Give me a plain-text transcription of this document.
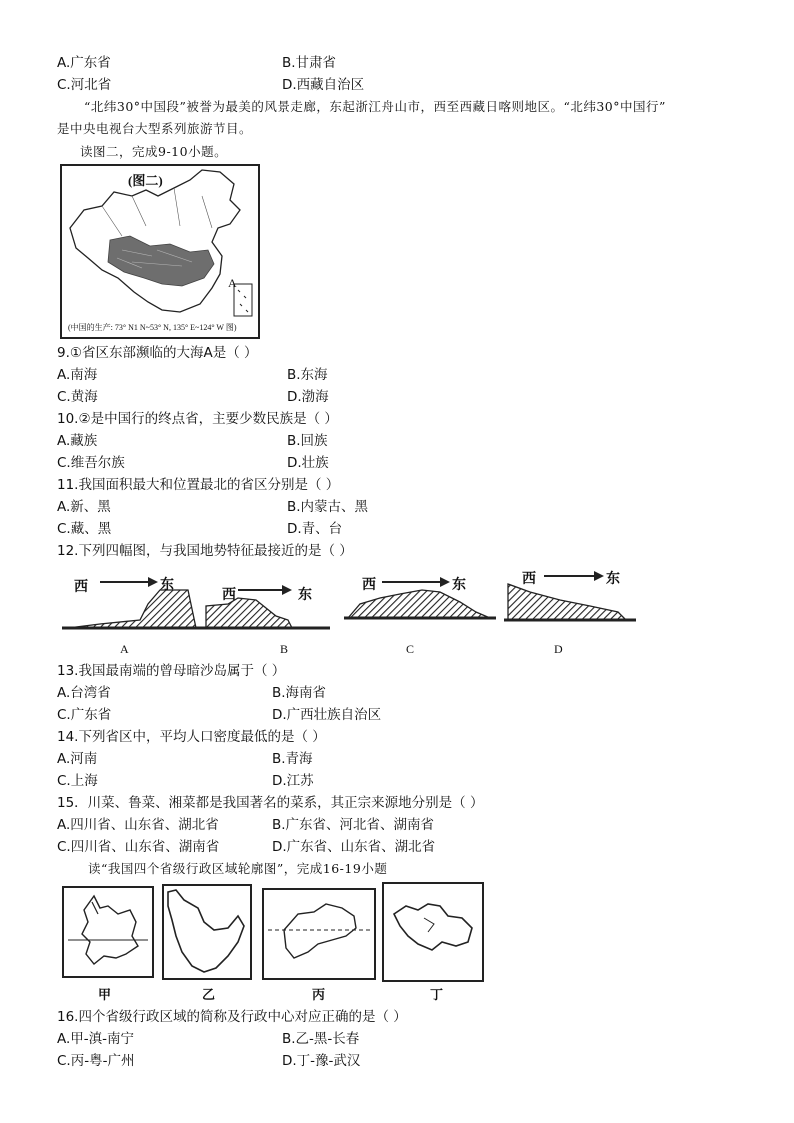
A.广东省	B.甘肃省
C.河北省	D.西藏自治区
“北纬30°中国段”被誉为最美的风景走廊，东起浙江舟山市，西至西藏日喀则地区。“北纬30°中国行”
是中央电视台大型系列旅游节目。
读图二，完成9-10小题。
(图二)
A
(中国的生产: 73° N1 N~53° N, 135° E~124° W 图)
9.①省区东部濒临的大海A是（ ）
A.南海	B.东海
C.黄海	D.渤海
10.②是中国行的终点省，主要少数民族是（ ）
A.藏族	B.回族
C.维吾尔族	D.壮族
11.我国面积最大和位置最北的省区分别是（ ）
A.新、黑	B.内蒙古、黑
C.藏、黑	D.青、台
12.下列四幅图，与我国地势特征最接近的是（ ）
西	东
西	东
西	东	西	东
A	B	C	D
13.我国最南端的曾母暗沙岛属于（ ）
A.台湾省	B.海南省
C.广东省	D.广西壮族自治区
14.下列省区中，平均人口密度最低的是（ ）
A.河南	B.青海
C.上海	D.江苏
15．川菜、鲁菜、湘菜都是我国著名的菜系，其正宗来源地分别是（ ）
A.四川省、山东省、湖北省	B.广东省、河北省、湖南省
C.四川省、山东省、湖南省	D.广东省、山东省、湖北省
读“我国四个省级行政区域轮廓图”，完成16-19小题
甲	乙	丙	丁
16.四个省级行政区域的简称及行政中心对应正确的是（ ）
A.甲-滇-南宁	B.乙-黑-长春
C.丙-粤-广州	D.丁-豫-武汉
